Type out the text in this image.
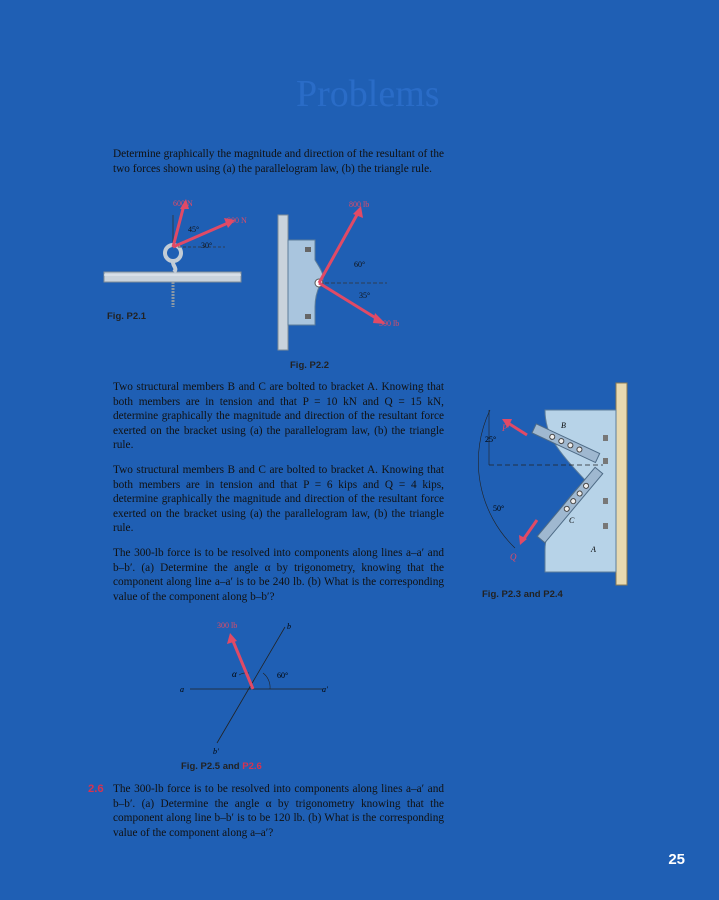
Problems
Determine graphically the magnitude and direction of the resultant of the two forces shown using (a) the parallelogram law, (b) the triangle rule.
600 N
900 N
45°
30°
Fig. P2.1
800 lb
500 lb
60°
35°
Fig. P2.2
Two structural members B and C are bolted to bracket A. Knowing that both members are in tension and that P = 10 kN and Q = 15 kN, determine graphically the magnitude and direction of the resultant force exerted on the bracket using (a) the parallelogram law, (b) the triangle rule.
Two structural members B and C are bolted to bracket A. Knowing that both members are in tension and that P = 6 kips and Q = 4 kips, determine graphically the magnitude and direction of the resultant force exerted on the bracket using (a) the parallelogram law, (b) the triangle rule.
The 300-lb force is to be resolved into components along lines a–a′ and b–b′. (a) Determine the angle α by trigonometry, knowing that the component along line a–a′ is to be 240 lb. (b) What is the corresponding value of the component along b–b′?
P
Q
B
C
A
25°
50°
Fig. P2.3 and P2.4
300 lb
α	60°
a	a′
b
b′
Fig. P2.5 and P2.6
2.6 The 300-lb force is to be resolved into components along lines a–a′ and b–b′. (a) Determine the angle α by trigonometry knowing that the component along line b–b′ is to be 120 lb. (b) What is the corresponding value of the component along a–a′?
25
